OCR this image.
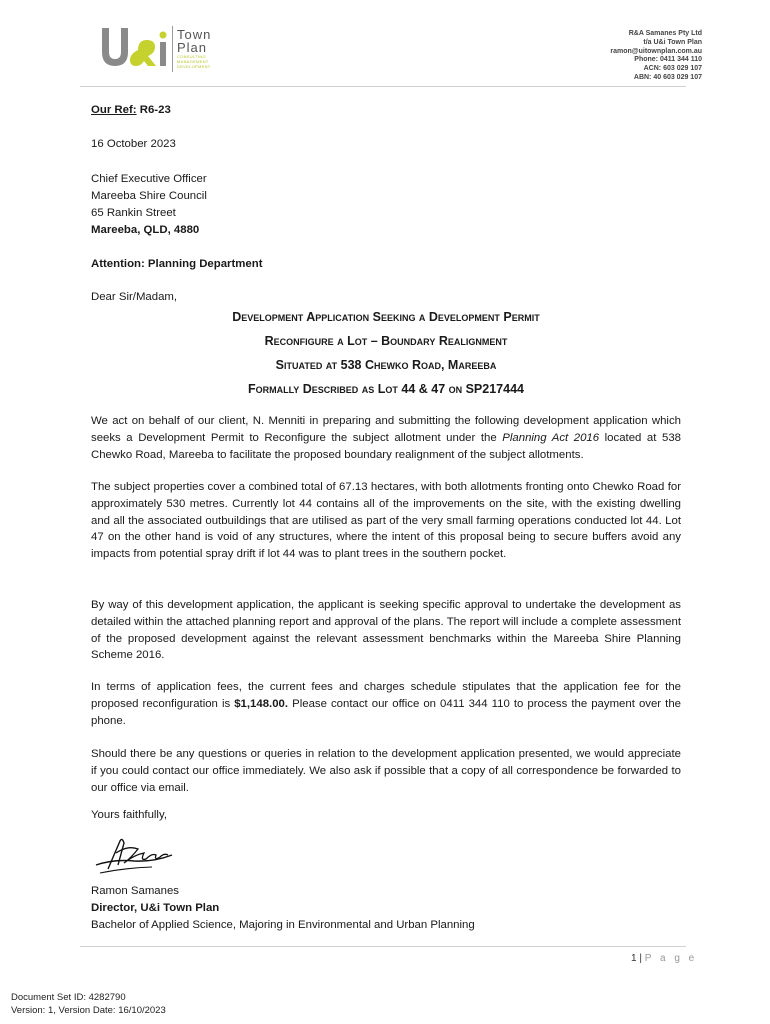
Town
Plan
CONSULTING
MANAGEMENT
DEVELOPMENT
R&A Samanes Pty Ltd
t/a U&i Town Plan
ramon@uitownplan.com.au
Phone: 0411 344 110
ACN: 603 029 107
ABN: 40 603 029 107
Our Ref: R6-23
16 October 2023
Chief Executive Officer
Mareeba Shire Council
65 Rankin Street
Mareeba, QLD, 4880
Attention: Planning Department
Dear Sir/Madam,
Development Application Seeking a Development Permit
Reconfigure a Lot – Boundary Realignment
Situated at 538 Chewko Road, Mareeba
Formally Described as Lot 44 & 47 on SP217444
We act on behalf of our client, N. Menniti in preparing and submitting the following development application which seeks a Development Permit to Reconfigure the subject allotment under the Planning Act 2016 located at 538 Chewko Road, Mareeba to facilitate the proposed boundary realignment of the subject allotments.
The subject properties cover a combined total of 67.13 hectares, with both allotments fronting onto Chewko Road for approximately 530 metres. Currently lot 44 contains all of the improvements on the site, with the existing dwelling and all the associated outbuildings that are utilised as part of the very small farming operations conducted lot 44. Lot 47 on the other hand is void of any structures, where the intent of this proposal being to secure buffers avoid any impacts from potential spray drift if lot 44 was to plant trees in the southern pocket.
By way of this development application, the applicant is seeking specific approval to undertake the development as detailed within the attached planning report and approval of the plans. The report will include a complete assessment of the proposed development against the relevant assessment benchmarks within the Mareeba Shire Planning Scheme 2016.
In terms of application fees, the current fees and charges schedule stipulates that the application fee for the proposed reconfiguration is $1,148.00. Please contact our office on 0411 344 110 to process the payment over the phone.
Should there be any questions or queries in relation to the development application presented, we would appreciate if you could contact our office immediately. We also ask if possible that a copy of all correspondence be forwarded to our office via email.
Yours faithfully,
Ramon Samanes
Director, U&i Town Plan
Bachelor of Applied Science, Majoring in Environmental and Urban Planning
1 | P a g e
Document Set ID: 4282790
Version: 1, Version Date: 16/10/2023
